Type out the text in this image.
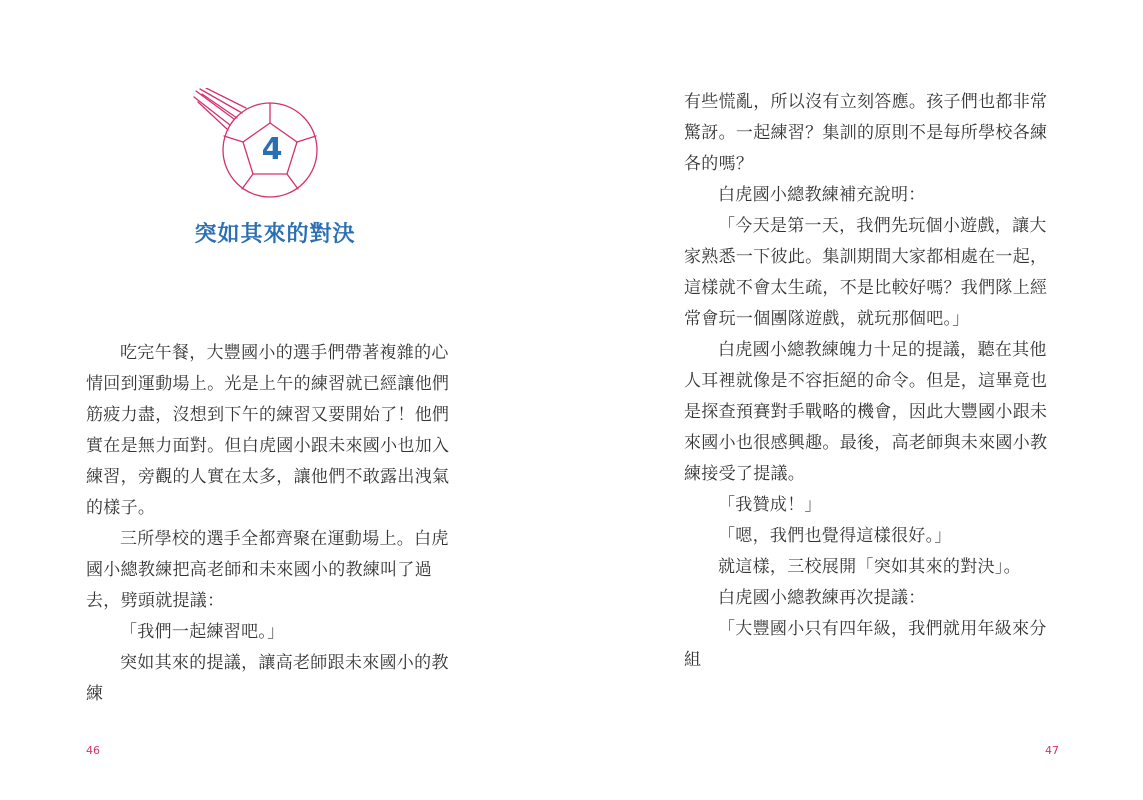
4
突如其來的對決

吃完午餐，大豐國小的選手們帶著複雜的心情回到運動場上。光是上午的練習就已經讓他們筋疲力盡，沒想到下午的練習又要開始了！他們實在是無力面對。但白虎國小跟未來國小也加入練習，旁觀的人實在太多，讓他們不敢露出洩氣的樣子。

三所學校的選手全都齊聚在運動場上。白虎國小總教練把高老師和未來國小的教練叫了過去，劈頭就提議：

「我們一起練習吧。」

突如其來的提議，讓高老師跟未來國小的教練

46

有些慌亂，所以沒有立刻答應。孩子們也都非常驚訝。一起練習？集訓的原則不是每所學校各練各的嗎？

白虎國小總教練補充說明：

「今天是第一天，我們先玩個小遊戲，讓大家熟悉一下彼此。集訓期間大家都相處在一起，這樣就不會太生疏，不是比較好嗎？我們隊上經常會玩一個團隊遊戲，就玩那個吧。」

白虎國小總教練魄力十足的提議，聽在其他人耳裡就像是不容拒絕的命令。但是，這畢竟也是探查預賽對手戰略的機會，因此大豐國小跟未來國小也很感興趣。最後，高老師與未來國小教練接受了提議。

「我贊成！」

「嗯，我們也覺得這樣很好。」

就這樣，三校展開「突如其來的對決」。

白虎國小總教練再次提議：

「大豐國小只有四年級，我們就用年級來分組

47
